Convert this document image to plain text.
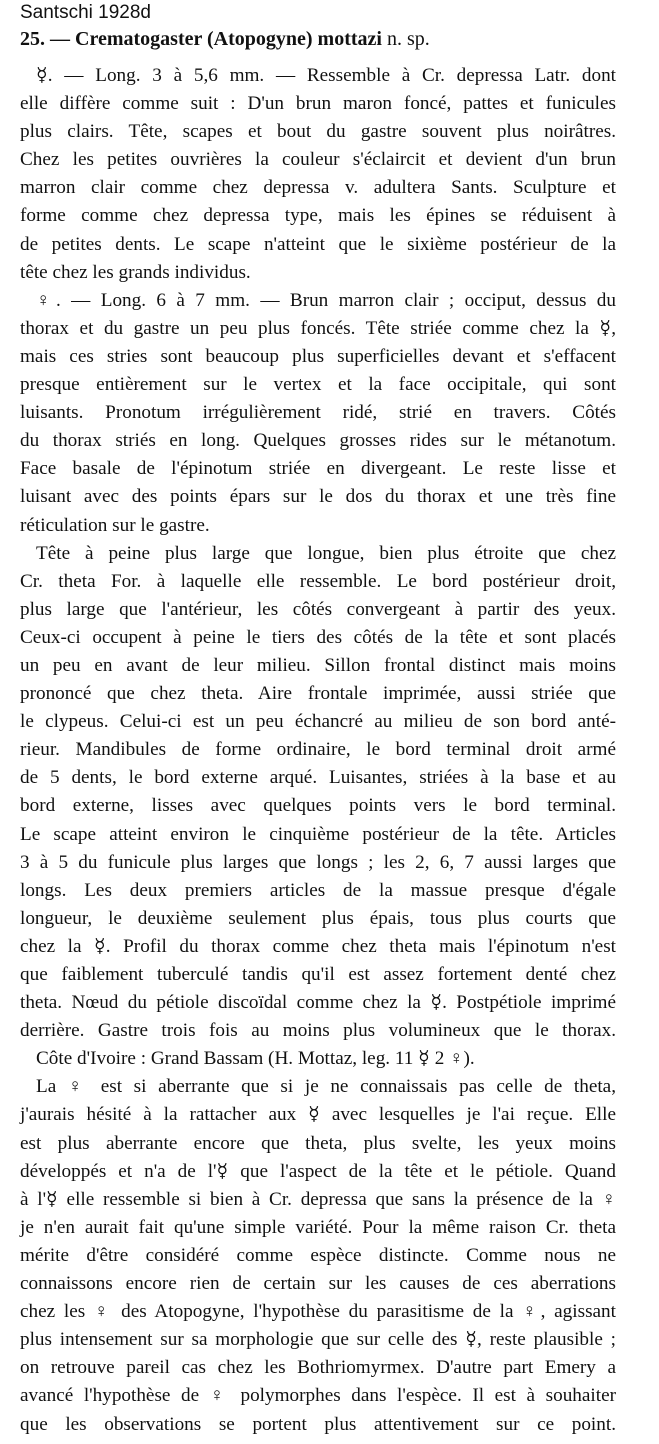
Santschi 1928d
25. — Crematogaster (Atopogyne) mottazi n. sp.
☿. — Long. 3 à 5,6 mm. — Ressemble à Cr. depressa Latr. dont
elle diffère comme suit : D'un brun maron foncé, pattes et funicules
plus clairs. Tête, scapes et bout du gastre souvent plus noirâtres.
Chez les petites ouvrières la couleur s'éclaircit et devient d'un brun
marron clair comme chez depressa v. adultera Sants. Sculpture et
forme comme chez depressa type, mais les épines se réduisent à
de petites dents. Le scape n'atteint que le sixième postérieur de la
tête chez les grands individus.
♀. — Long. 6 à 7 mm. — Brun marron clair ; occiput, dessus du
thorax et du gastre un peu plus foncés. Tête striée comme chez la ☿,
mais ces stries sont beaucoup plus superficielles devant et s'effacent
presque entièrement sur le vertex et la face occipitale, qui sont
luisants. Pronotum irrégulièrement ridé, strié en travers. Côtés
du thorax striés en long. Quelques grosses rides sur le métanotum.
Face basale de l'épinotum striée en divergeant. Le reste lisse et
luisant avec des points épars sur le dos du thorax et une très fine
réticulation sur le gastre.
Tête à peine plus large que longue, bien plus étroite que chez
Cr. theta For. à laquelle elle ressemble. Le bord postérieur droit,
plus large que l'antérieur, les côtés convergeant à partir des yeux.
Ceux-ci occupent à peine le tiers des côtés de la tête et sont placés
un peu en avant de leur milieu. Sillon frontal distinct mais moins
prononcé que chez theta. Aire frontale imprimée, aussi striée que
le clypeus. Celui-ci est un peu échancré au milieu de son bord anté-
rieur. Mandibules de forme ordinaire, le bord terminal droit armé
de 5 dents, le bord externe arqué. Luisantes, striées à la base et au
bord externe, lisses avec quelques points vers le bord terminal.
Le scape atteint environ le cinquième postérieur de la tête. Articles
3 à 5 du funicule plus larges que longs ; les 2, 6, 7 aussi larges que
longs. Les deux premiers articles de la massue presque d'égale
longueur, le deuxième seulement plus épais, tous plus courts que
chez la ☿. Profil du thorax comme chez theta mais l'épinotum n'est
que faiblement tuberculé tandis qu'il est assez fortement denté chez
theta. Nœud du pétiole discoïdal comme chez la ☿. Postpétiole imprimé
derrière. Gastre trois fois au moins plus volumineux que le thorax.
Côte d'Ivoire : Grand Bassam (H. Mottaz, leg. 11 ☿ 2 ♀).
La ♀ est si aberrante que si je ne connaissais pas celle de theta,
j'aurais hésité à la rattacher aux ☿ avec lesquelles je l'ai reçue. Elle
est plus aberrante encore que theta, plus svelte, les yeux moins
développés et n'a de l'☿ que l'aspect de la tête et le pétiole. Quand
à l'☿ elle ressemble si bien à Cr. depressa que sans la présence de la ♀
je n'en aurait fait qu'une simple variété. Pour la même raison Cr. theta
mérite d'être considéré comme espèce distincte. Comme nous ne
connaissons encore rien de certain sur les causes de ces aberrations
chez les ♀ des Atopogyne, l'hypothèse du parasitisme de la ♀, agissant
plus intensement sur sa morphologie que sur celle des ☿, reste plausible ;
on retrouve pareil cas chez les Bothriomyrmex. D'autre part Emery a
avancé l'hypothèse de ♀ polymorphes dans l'espèce. Il est à souhaiter
que les observations se portent plus attentivement sur ce point.
